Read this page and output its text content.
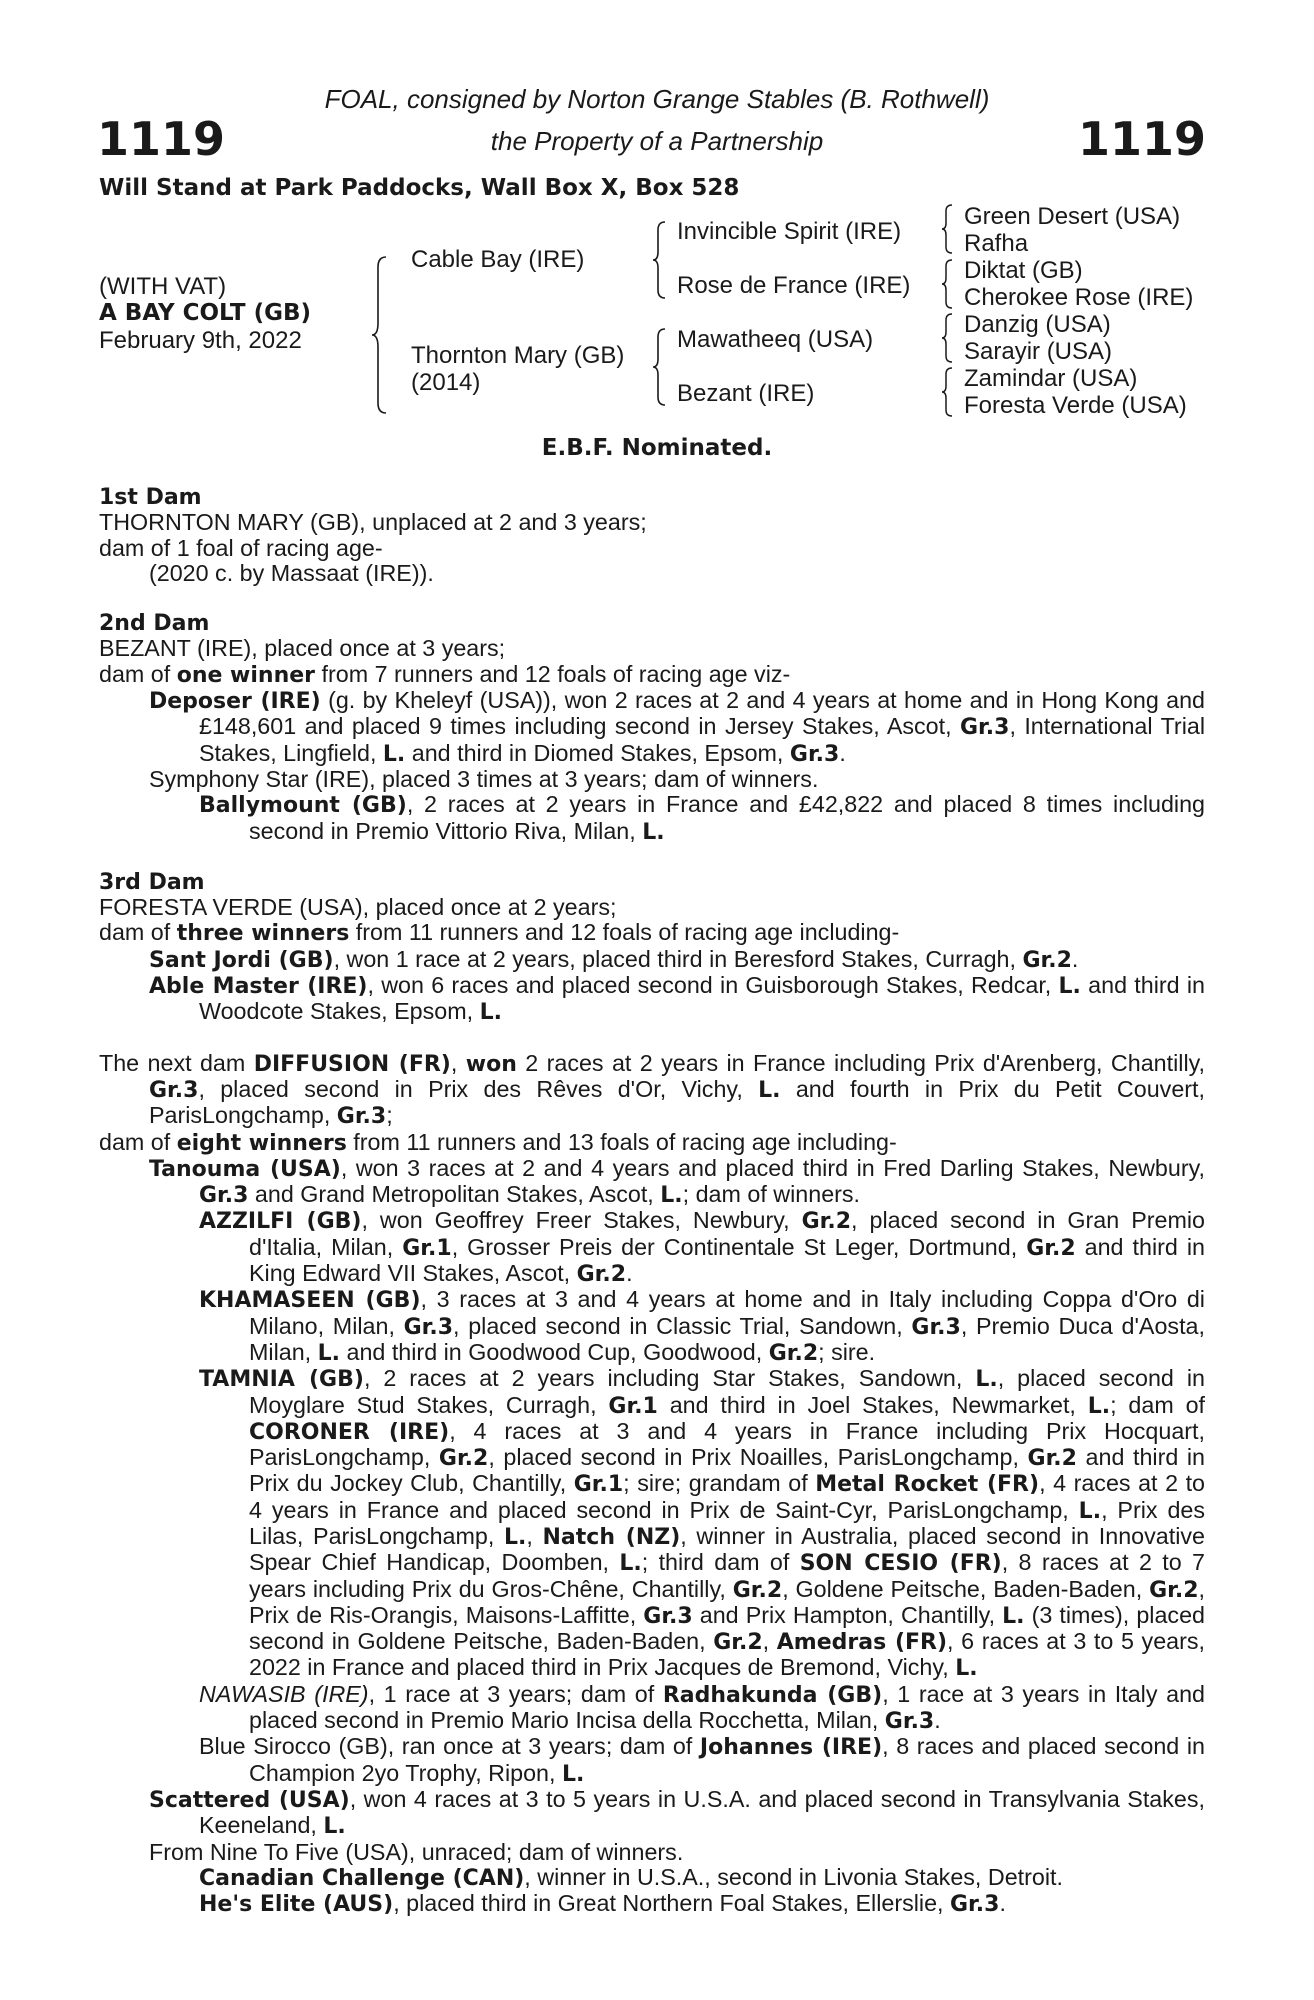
1119	1119
FOAL, consigned by Norton Grange Stables (B. Rothwell)
the Property of a Partnership
Will Stand at Park Paddocks, Wall Box X, Box 528
(WITH VAT)
A BAY COLT (GB)
February 9th, 2022
Cable Bay (IRE)
Thornton Mary (GB)
(2014)
Invincible Spirit (IRE)
Rose de France (IRE)
Mawatheeq (USA)
Bezant (IRE)
Green Desert (USA)
Rafha
Diktat (GB)
Cherokee Rose (IRE)
Danzig (USA)
Sarayir (USA)
Zamindar (USA)
Foresta Verde (USA)
E.B.F. Nominated.

1st Dam

THORNTON MARY (GB), unplaced at 2 and 3 years;

dam of 1 foal of racing age-

(2020 c. by Massaat (IRE)).

2nd Dam

BEZANT (IRE), placed once at 3 years;

dam of one winner from 7 runners and 12 foals of racing age viz-

Deposer (IRE) (g. by Kheleyf (USA)), won 2 races at 2 and 4 years at home and in Hong Kong and £148,601 and placed 9 times including second in Jersey Stakes, Ascot, Gr.3, International Trial Stakes, Lingfield, L. and third in Diomed Stakes, Epsom, Gr.3.

Symphony Star (IRE), placed 3 times at 3 years; dam of winners.

Ballymount (GB), 2 races at 2 years in France and £42,822 and placed 8 times including second in Premio Vittorio Riva, Milan, L.

3rd Dam

FORESTA VERDE (USA), placed once at 2 years;

dam of three winners from 11 runners and 12 foals of racing age including-

Sant Jordi (GB), won 1 race at 2 years, placed third in Beresford Stakes, Curragh, Gr.2.

Able Master (IRE), won 6 races and placed second in Guisborough Stakes, Redcar, L. and third in Woodcote Stakes, Epsom, L.

The next dam DIFFUSION (FR), won 2 races at 2 years in France including Prix d'Arenberg, Chantilly, Gr.3, placed second in Prix des Rêves d'Or, Vichy, L. and fourth in Prix du Petit Couvert, ParisLongchamp, Gr.3;

dam of eight winners from 11 runners and 13 foals of racing age including-

Tanouma (USA), won 3 races at 2 and 4 years and placed third in Fred Darling Stakes, Newbury, Gr.3 and Grand Metropolitan Stakes, Ascot, L.; dam of winners.

AZZILFI (GB), won Geoffrey Freer Stakes, Newbury, Gr.2, placed second in Gran Premio d'Italia, Milan, Gr.1, Grosser Preis der Continentale St Leger, Dortmund, Gr.2 and third in King Edward VII Stakes, Ascot, Gr.2.

KHAMASEEN (GB), 3 races at 3 and 4 years at home and in Italy including Coppa d'Oro di Milano, Milan, Gr.3, placed second in Classic Trial, Sandown, Gr.3, Premio Duca d'Aosta, Milan, L. and third in Goodwood Cup, Goodwood, Gr.2; sire.

TAMNIA (GB), 2 races at 2 years including Star Stakes, Sandown, L., placed second in Moyglare Stud Stakes, Curragh, Gr.1 and third in Joel Stakes, Newmarket, L.; dam of CORONER (IRE), 4 races at 3 and 4 years in France including Prix Hocquart, ParisLongchamp, Gr.2, placed second in Prix Noailles, ParisLongchamp, Gr.2 and third in Prix du Jockey Club, Chantilly, Gr.1; sire; grandam of Metal Rocket (FR), 4 races at 2 to 4 years in France and placed second in Prix de Saint-Cyr, ParisLongchamp, L., Prix des Lilas, ParisLongchamp, L., Natch (NZ), winner in Australia, placed second in Innovative Spear Chief Handicap, Doomben, L.; third dam of SON CESIO (FR), 8 races at 2 to 7 years including Prix du Gros-Chêne, Chantilly, Gr.2, Goldene Peitsche, Baden-Baden, Gr.2, Prix de Ris-Orangis, Maisons-Laffitte, Gr.3 and Prix Hampton, Chantilly, L. (3 times), placed second in Goldene Peitsche, Baden-Baden, Gr.2, Amedras (FR), 6 races at 3 to 5 years, 2022 in France and placed third in Prix Jacques de Bremond, Vichy, L.

NAWASIB (IRE), 1 race at 3 years; dam of Radhakunda (GB), 1 race at 3 years in Italy and placed second in Premio Mario Incisa della Rocchetta, Milan, Gr.3.

Blue Sirocco (GB), ran once at 3 years; dam of Johannes (IRE), 8 races and placed second in Champion 2yo Trophy, Ripon, L.

Scattered (USA), won 4 races at 3 to 5 years in U.S.A. and placed second in Transylvania Stakes, Keeneland, L.

From Nine To Five (USA), unraced; dam of winners.

Canadian Challenge (CAN), winner in U.S.A., second in Livonia Stakes, Detroit.

He's Elite (AUS), placed third in Great Northern Foal Stakes, Ellerslie, Gr.3.
